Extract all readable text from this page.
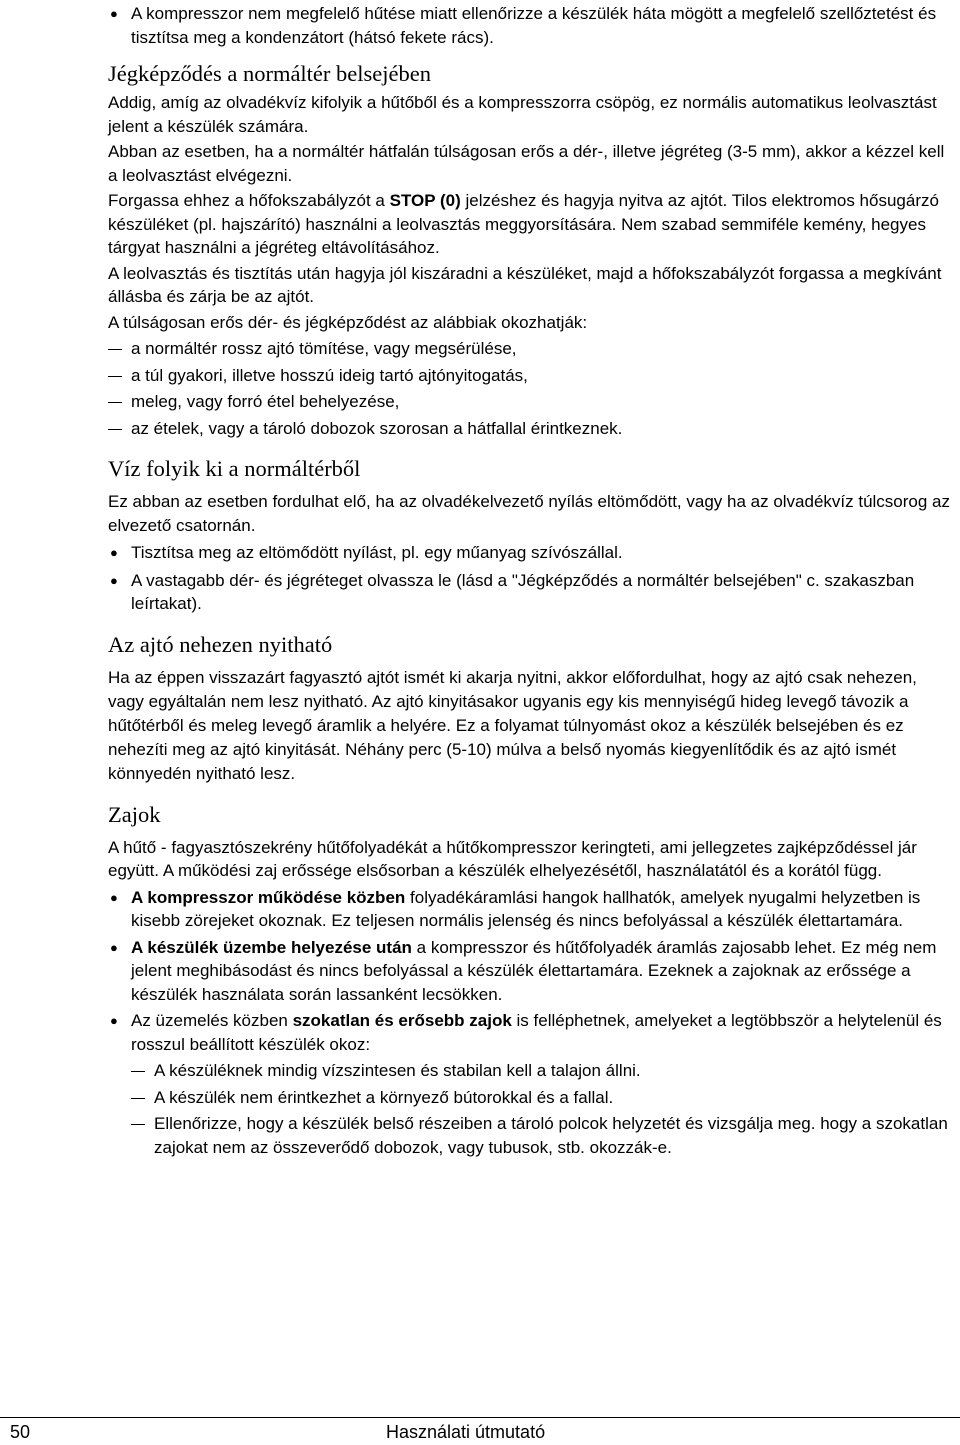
● A kompresszor nem megfelelő hűtése miatt ellenőrizze a készülék háta mögött a megfelelő szellőztetést és tisztítsa meg a kondenzátort (hátsó fekete rács).
Jégképződés a normáltér belsejében

Addig, amíg az olvadékvíz kifolyik a hűtőből és a kompresszorra csöpög, ez normális automatikus leolvasztást jelent a készülék számára.

Abban az esetben, ha a normáltér hátfalán túlságosan erős a dér-, illetve jégréteg (3-5 mm), akkor a kézzel kell a leolvasztást elvégezni.

Forgassa ehhez a hőfokszabályzót a STOP (0) jelzéshez és hagyja nyitva az ajtót. Tilos elektromos hősugárzó készüléket (pl. hajszárító) használni a leolvasztás meggyorsítására. Nem szabad semmiféle kemény, hegyes tárgyat használni a jégréteg eltávolításához.

A leolvasztás és tisztítás után hagyja jól kiszáradni a készüléket, majd a hőfokszabályzót forgassa a megkívánt állásba és zárja be az ajtót.

A túlságosan erős dér- és jégképződést az alábbiak okozhatják:

a normáltér rossz ajtó tömítése, vagy megsérülése,
a túl gyakori, illetve hosszú ideig tartó ajtónyitogatás,
meleg, vagy forró étel behelyezése,
az ételek, vagy a tároló dobozok szorosan a hátfallal érintkeznek.
Víz folyik ki a normáltérből

Ez abban az esetben fordulhat elő, ha az olvadékelvezető nyílás eltömődött, vagy ha az olvadékvíz túlcsorog az elvezető csatornán.

● Tisztítsa meg az eltömődött nyílást, pl. egy műanyag szívószállal.
● A vastagabb dér- és jégréteget olvassza le (lásd a "Jégképződés a normáltér belsejében" c. szakaszban leírtakat).
Az ajtó nehezen nyitható

Ha az éppen visszazárt fagyasztó ajtót ismét ki akarja nyitni, akkor előfordulhat, hogy az ajtó csak nehezen, vagy egyáltalán nem lesz nyitható. Az ajtó kinyitásakor ugyanis egy kis mennyiségű hideg levegő távozik a hűtőtérből és meleg levegő áramlik a helyére. Ez a folyamat túlnyomást okoz a készülék belsejében és ez nehezíti meg az ajtó kinyitását. Néhány perc (5-10) múlva a belső nyomás kiegyenlítődik és az ajtó ismét könnyedén nyitható lesz.

Zajok

A hűtő - fagyasztószekrény hűtőfolyadékát a hűtőkompresszor keringteti, ami jellegzetes zajképződéssel jár együtt. A működési zaj erőssége elsősorban a készülék elhelyezésétől, használatától és a korától függ.

● A kompresszor működése közben folyadékáramlási hangok hallhatók, amelyek nyugalmi helyzetben is kisebb zörejeket okoznak. Ez teljesen normális jelenség és nincs befolyással a készülék élettartamára.
● A készülék üzembe helyezése után a kompresszor és hűtőfolyadék áramlás zajosabb lehet. Ez még nem jelent meghibásodást és nincs befolyással a készülék élettartamára. Ezeknek a zajoknak az erőssége a készülék használata során lassanként lecsökken.
● Az üzemelés közben szokatlan és erősebb zajok is felléphetnek, amelyeket a legtöbbször a helytelenül és rosszul beállított készülék okoz:
A készüléknek mindig vízszintesen és stabilan kell a talajon állni.
A készülék nem érintkezhet a környező bútorokkal és a fallal.
Ellenőrizze, hogy a készülék belső részeiben a tároló polcok helyzetét és vizsgálja meg. hogy a szokatlan zajokat nem az összeverődő dobozok, vagy tubusok, stb. okozzák-e.
50	Használati útmutató
